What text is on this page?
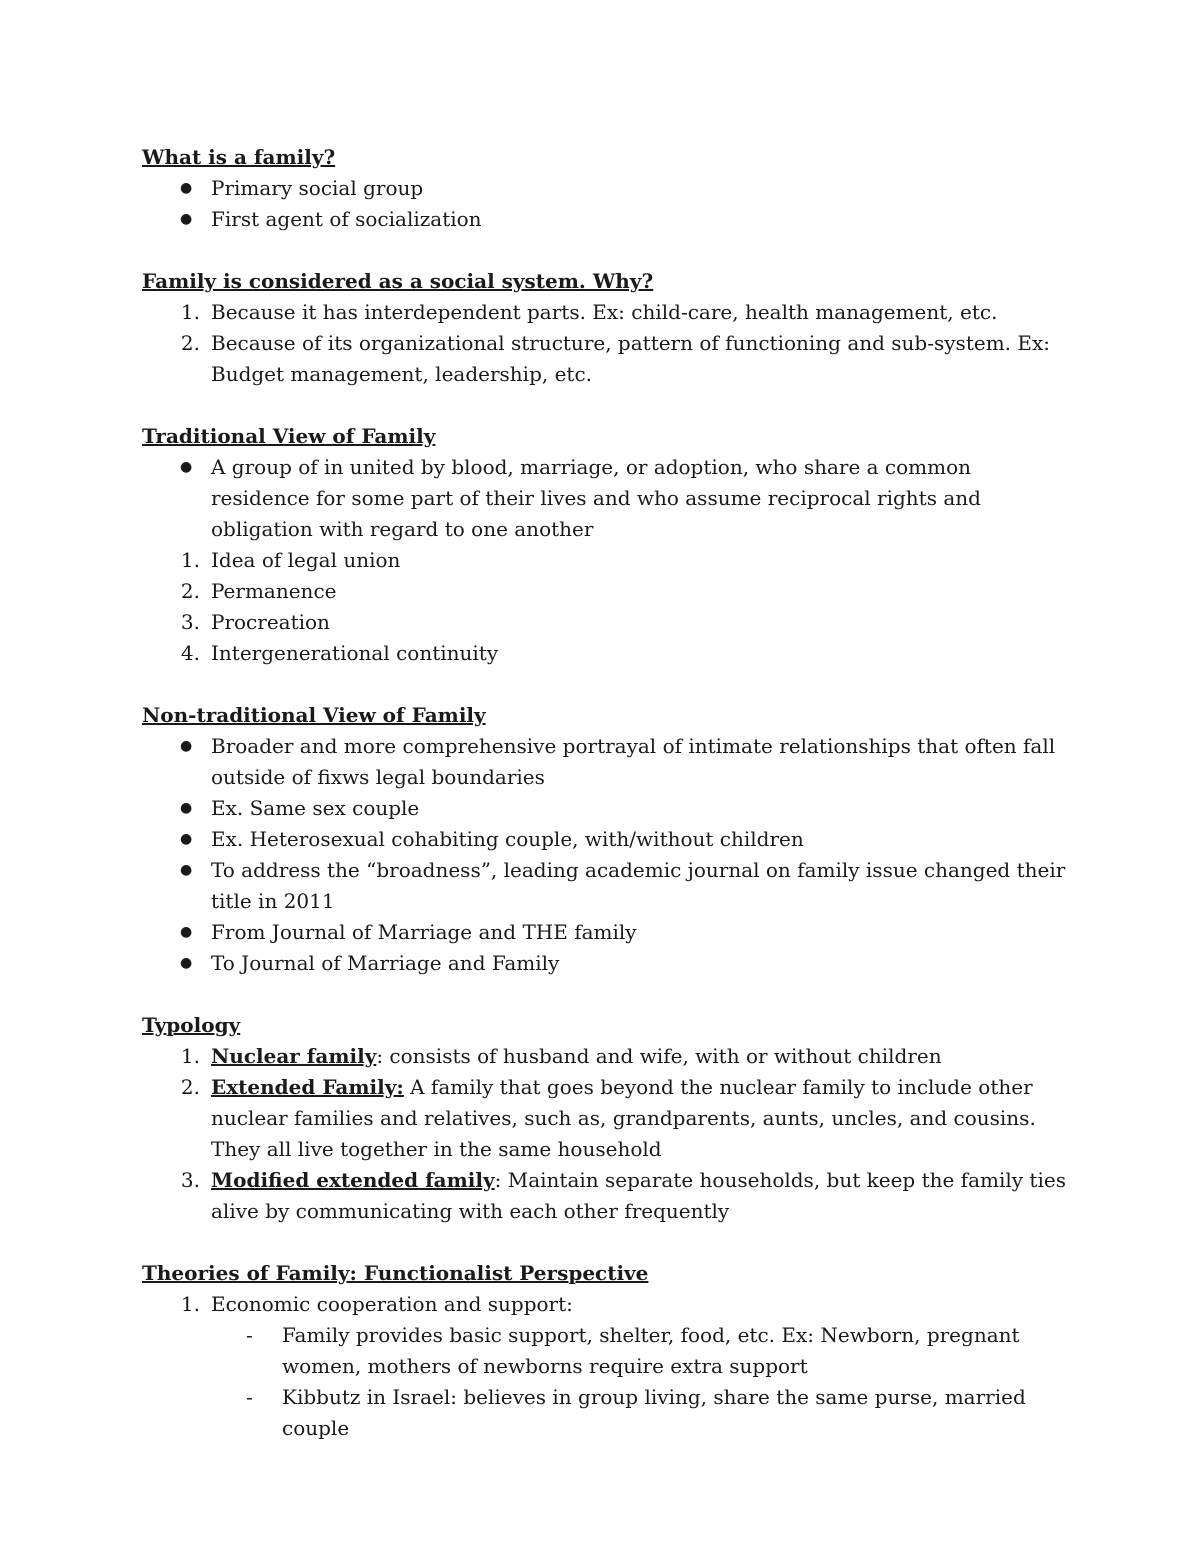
What is a family?
● Primary social group
● First agent of socialization
Family is considered as a social system. Why?
1. Because it has interdependent parts. Ex: child-care, health management, etc.
2. Because of its organizational structure, pattern of functioning and sub-system. Ex: Budget management, leadership, etc.
Traditional View of Family
● A group of in united by blood, marriage, or adoption, who share a common residence for some part of their lives and who assume reciprocal rights and obligation with regard to one another
1. Idea of legal union
2. Permanence
3. Procreation
4. Intergenerational continuity
Non-traditional View of Family
● Broader and more comprehensive portrayal of intimate relationships that often fall outside of fixws legal boundaries
● Ex. Same sex couple
● Ex. Heterosexual cohabiting couple, with/without children
● To address the “broadness”, leading academic journal on family issue changed their title in 2011
● From Journal of Marriage and THE family
● To Journal of Marriage and Family
Typology
1. Nuclear family: consists of husband and wife, with or without children
2. Extended Family: A family that goes beyond the nuclear family to include other nuclear families and relatives, such as, grandparents, aunts, uncles, and cousins. They all live together in the same household
3. Modified extended family: Maintain separate households, but keep the family ties alive by communicating with each other frequently
Theories of Family: Functionalist Perspective
1. Economic cooperation and support:
-	Family provides basic support, shelter, food, etc. Ex: Newborn, pregnant women, mothers of newborns require extra support
-	Kibbutz in Israel: believes in group living, share the same purse, married couple
